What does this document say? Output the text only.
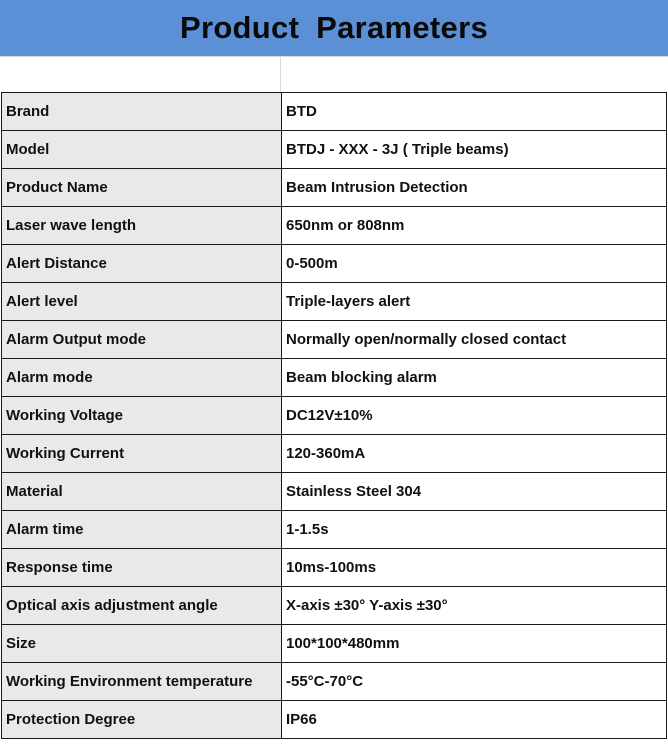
Product Parameters
Brand	BTD
Model	BTDJ - XXX - 3J ( Triple beams)
Product Name	Beam Intrusion Detection
Laser wave length	650nm or 808nm
Alert Distance	0-500m
Alert level	Triple-layers alert
Alarm Output mode	Normally open/normally closed contact
Alarm mode	Beam blocking alarm
Working Voltage	DC12V±10%
Working Current	120-360mA
Material	Stainless Steel 304
Alarm time	1-1.5s
Response time	10ms-100ms
Optical axis adjustment angle	X-axis ±30° Y-axis ±30°
Size	100*100*480mm
Working Environment temperature	-55°C-70°C
Protection Degree	IP66
